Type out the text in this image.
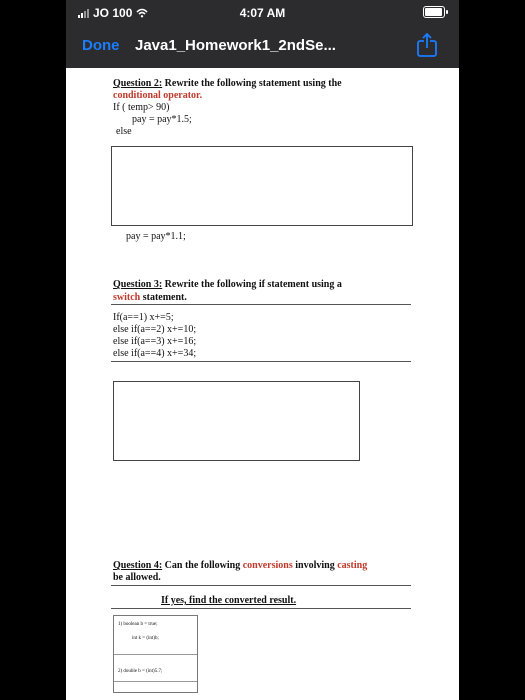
JO 100	4:07 AM
Done Java1_Homework1_2ndSe...
Question 2: Rewrite the following statement using the
conditional operator.
If ( temp> 90)
pay = pay*1.5;
else
pay = pay*1.1;
Question 3: Rewrite the following if statement using a
switch statement.
If(a==1) x+=5;
else if(a==2) x+=10;
else if(a==3) x+=16;
else if(a==4) x+=34;
Question 4: Can the following conversions involving casting
be allowed.
If yes, find the converted result.
1) boolean b = true;
int k = (int)b;
2) double b = (int)5.7;
